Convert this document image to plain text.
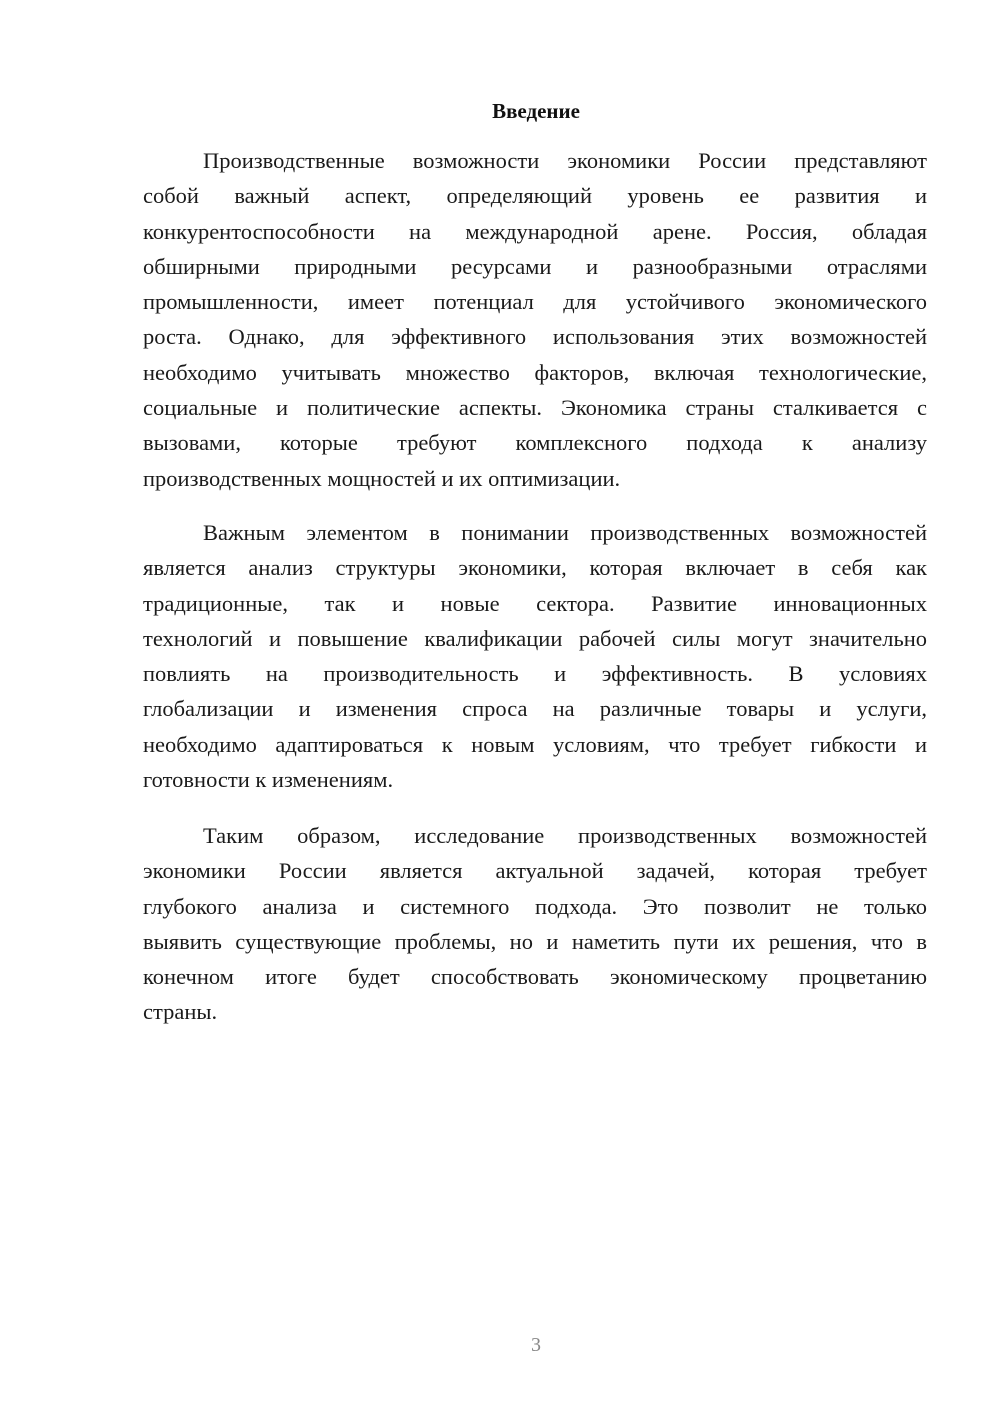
Введение
Производственные возможности экономики России представляют
собой важный аспект, определяющий уровень ее развития и
конкурентоспособности на международной арене. Россия, обладая
обширными природными ресурсами и разнообразными отраслями
промышленности, имеет потенциал для устойчивого экономического
роста. Однако, для эффективного использования этих возможностей
необходимо учитывать множество факторов, включая технологические,
социальные и политические аспекты. Экономика страны сталкивается с
вызовами, которые требуют комплексного подхода к анализу
производственных мощностей и их оптимизации.
Важным элементом в понимании производственных возможностей
является анализ структуры экономики, которая включает в себя как
традиционные, так и новые сектора. Развитие инновационных
технологий и повышение квалификации рабочей силы могут значительно
повлиять на производительность и эффективность. В условиях
глобализации и изменения спроса на различные товары и услуги,
необходимо адаптироваться к новым условиям, что требует гибкости и
готовности к изменениям.
Таким образом, исследование производственных возможностей
экономики России является актуальной задачей, которая требует
глубокого анализа и системного подхода. Это позволит не только
выявить существующие проблемы, но и наметить пути их решения, что в
конечном итоге будет способствовать экономическому процветанию
страны.
3
